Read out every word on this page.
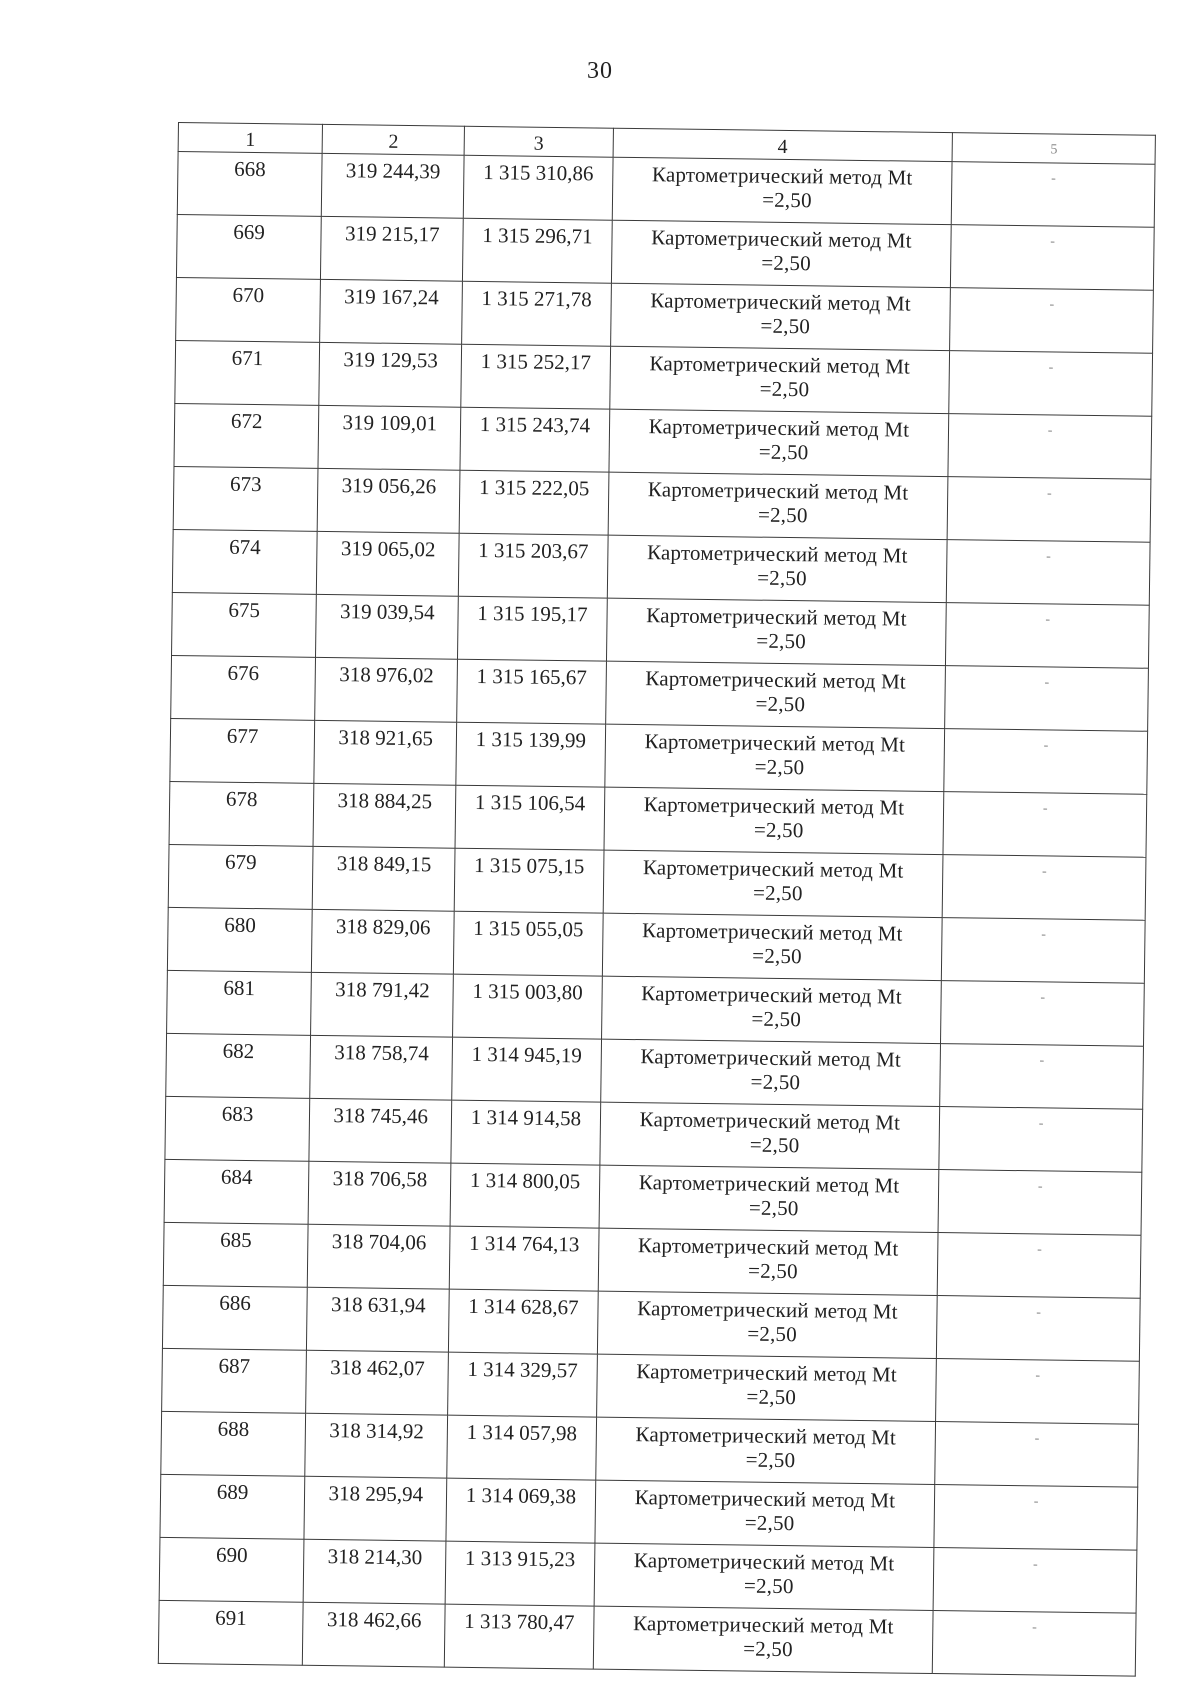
30
1	2	3	4	5
668	319 244,39	1 315 310,86	Картометрический метод Mt
=2,50	-
669	319 215,17	1 315 296,71	Картометрический метод Mt
=2,50	-
670	319 167,24	1 315 271,78	Картометрический метод Mt
=2,50	-
671	319 129,53	1 315 252,17	Картометрический метод Mt
=2,50	-
672	319 109,01	1 315 243,74	Картометрический метод Mt
=2,50	-
673	319 056,26	1 315 222,05	Картометрический метод Mt
=2,50	-
674	319 065,02	1 315 203,67	Картометрический метод Mt
=2,50	-
675	319 039,54	1 315 195,17	Картометрический метод Mt
=2,50	-
676	318 976,02	1 315 165,67	Картометрический метод Mt
=2,50	-
677	318 921,65	1 315 139,99	Картометрический метод Mt
=2,50	-
678	318 884,25	1 315 106,54	Картометрический метод Mt
=2,50	-
679	318 849,15	1 315 075,15	Картометрический метод Mt
=2,50	-
680	318 829,06	1 315 055,05	Картометрический метод Mt
=2,50	-
681	318 791,42	1 315 003,80	Картометрический метод Mt
=2,50	-
682	318 758,74	1 314 945,19	Картометрический метод Mt
=2,50	-
683	318 745,46	1 314 914,58	Картометрический метод Mt
=2,50	-
684	318 706,58	1 314 800,05	Картометрический метод Mt
=2,50	-
685	318 704,06	1 314 764,13	Картометрический метод Mt
=2,50	-
686	318 631,94	1 314 628,67	Картометрический метод Mt
=2,50	-
687	318 462,07	1 314 329,57	Картометрический метод Mt
=2,50	-
688	318 314,92	1 314 057,98	Картометрический метод Mt
=2,50	-
689	318 295,94	1 314 069,38	Картометрический метод Mt
=2,50	-
690	318 214,30	1 313 915,23	Картометрический метод Mt
=2,50	-
691	318 462,66	1 313 780,47	Картометрический метод Mt
=2,50	-
